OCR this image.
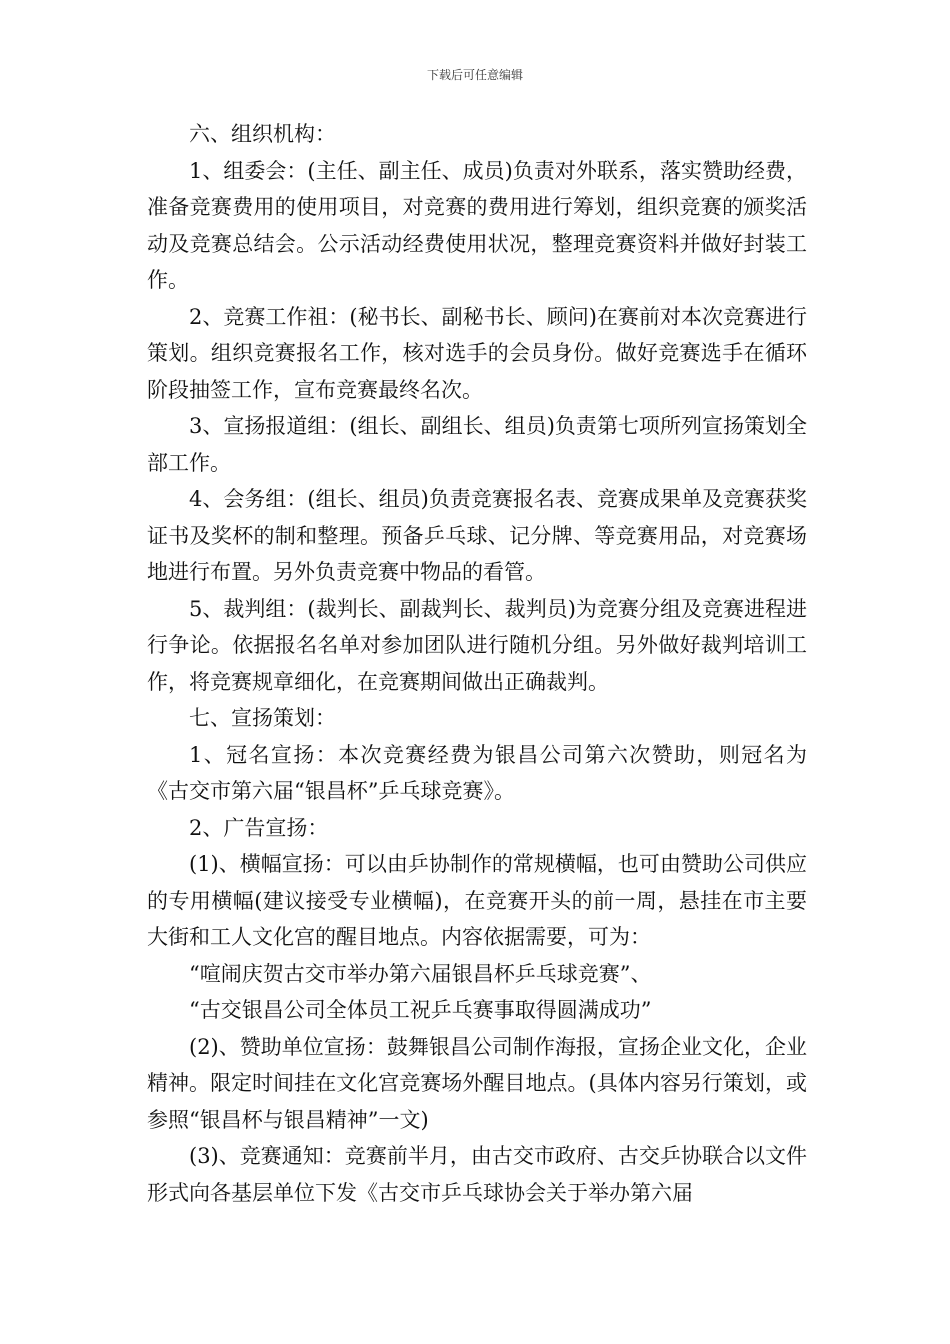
下载后可任意编辑

六、组织机构：

1、组委会：(主任、副主任、成员)负责对外联系，落实赞助经费，准备竞赛费用的使用项目，对竞赛的费用进行筹划，组织竞赛的颁奖活动及竞赛总结会。公示活动经费使用状况，整理竞赛资料并做好封装工作。

2、竞赛工作祖：(秘书长、副秘书长、顾问)在赛前对本次竞赛进行策划。组织竞赛报名工作，核对选手的会员身份。做好竞赛选手在循环阶段抽签工作，宣布竞赛最终名次。

3、宣扬报道组：(组长、副组长、组员)负责第七项所列宣扬策划全部工作。

4、会务组：(组长、组员)负责竞赛报名表、竞赛成果单及竞赛获奖证书及奖杯的制和整理。预备乒乓球、记分牌、等竞赛用品，对竞赛场地进行布置。另外负责竞赛中物品的看管。

5、裁判组：(裁判长、副裁判长、裁判员)为竞赛分组及竞赛进程进行争论。依据报名名单对参加团队进行随机分组。另外做好裁判培训工作，将竞赛规章细化，在竞赛期间做出正确裁判。

七、宣扬策划：

1、冠名宣扬：本次竞赛经费为银昌公司第六次赞助，则冠名为《古交市第六届“银昌杯”乒乓球竞赛》。

2、广告宣扬：

(1)、横幅宣扬：可以由乒协制作的常规横幅，也可由赞助公司供应的专用横幅(建议接受专业横幅)，在竞赛开头的前一周，悬挂在市主要大街和工人文化宫的醒目地点。内容依据需要，可为：

“喧闹庆贺古交市举办第六届银昌杯乒乓球竞赛”、

“古交银昌公司全体员工祝乒乓赛事取得圆满成功”

(2)、赞助单位宣扬：鼓舞银昌公司制作海报，宣扬企业文化，企业精神。限定时间挂在文化宫竞赛场外醒目地点。(具体内容另行策划，或参照“银昌杯与银昌精神”一文)

(3)、竞赛通知：竞赛前半月，由古交市政府、古交乒协联合以文件形式向各基层单位下发《古交市乒乓球协会关于举办第六届
